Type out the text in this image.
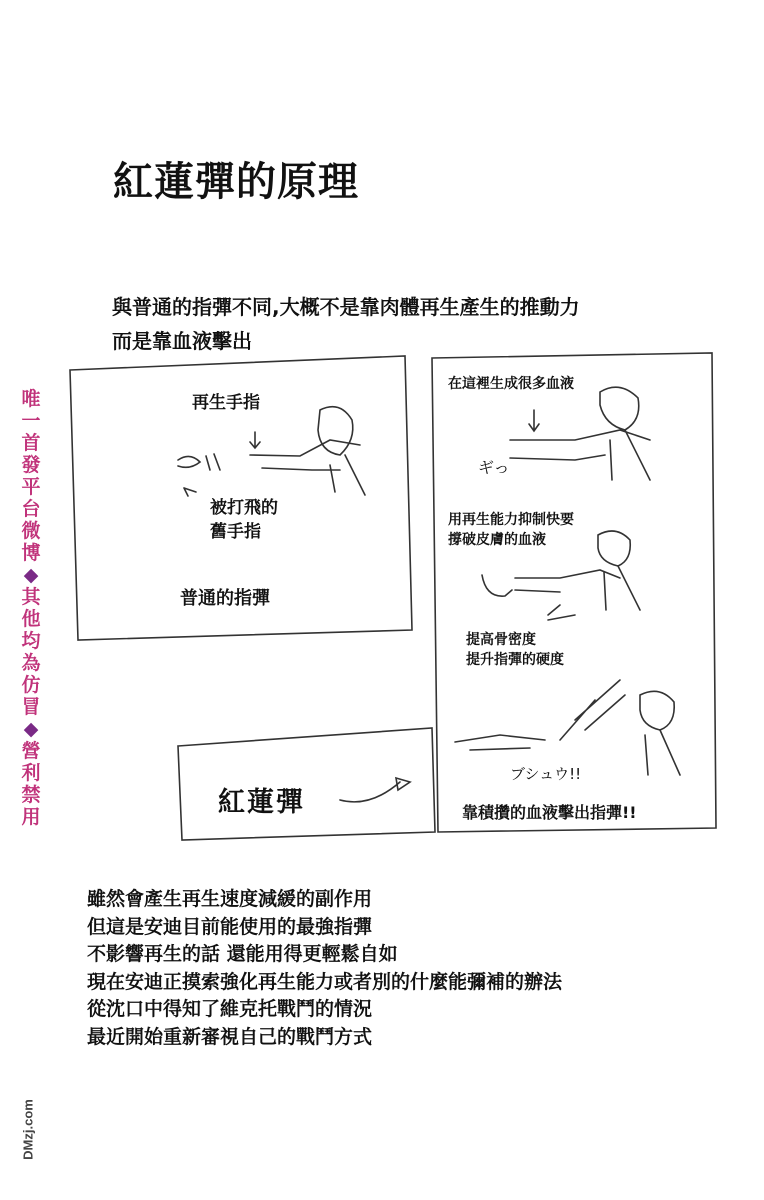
紅蓮彈的原理
與普通的指彈不同,大概不是靠肉體再生產生的推動力
而是靠血液擊出
唯
一
首
發
平
台
微
博
◆
其
他
均
為
仿
冒
◆
營
利
禁
用
再生手指
被打飛的
舊手指
普通的指彈
在這裡生成很多血液
ギっ
用再生能力抑制快要
撐破皮膚的血液
提高骨密度
提升指彈的硬度
ブシュウ!!
靠積攢的血液擊出指彈!!
紅蓮彈
雖然會產生再生速度減緩的副作用
但這是安迪目前能使用的最強指彈
不影響再生的話 還能用得更輕鬆自如
現在安迪正摸索強化再生能力或者別的什麼能彌補的辦法
從沈口中得知了維克托戰鬥的情況
最近開始重新審視自己的戰鬥方式
DMzj.com
